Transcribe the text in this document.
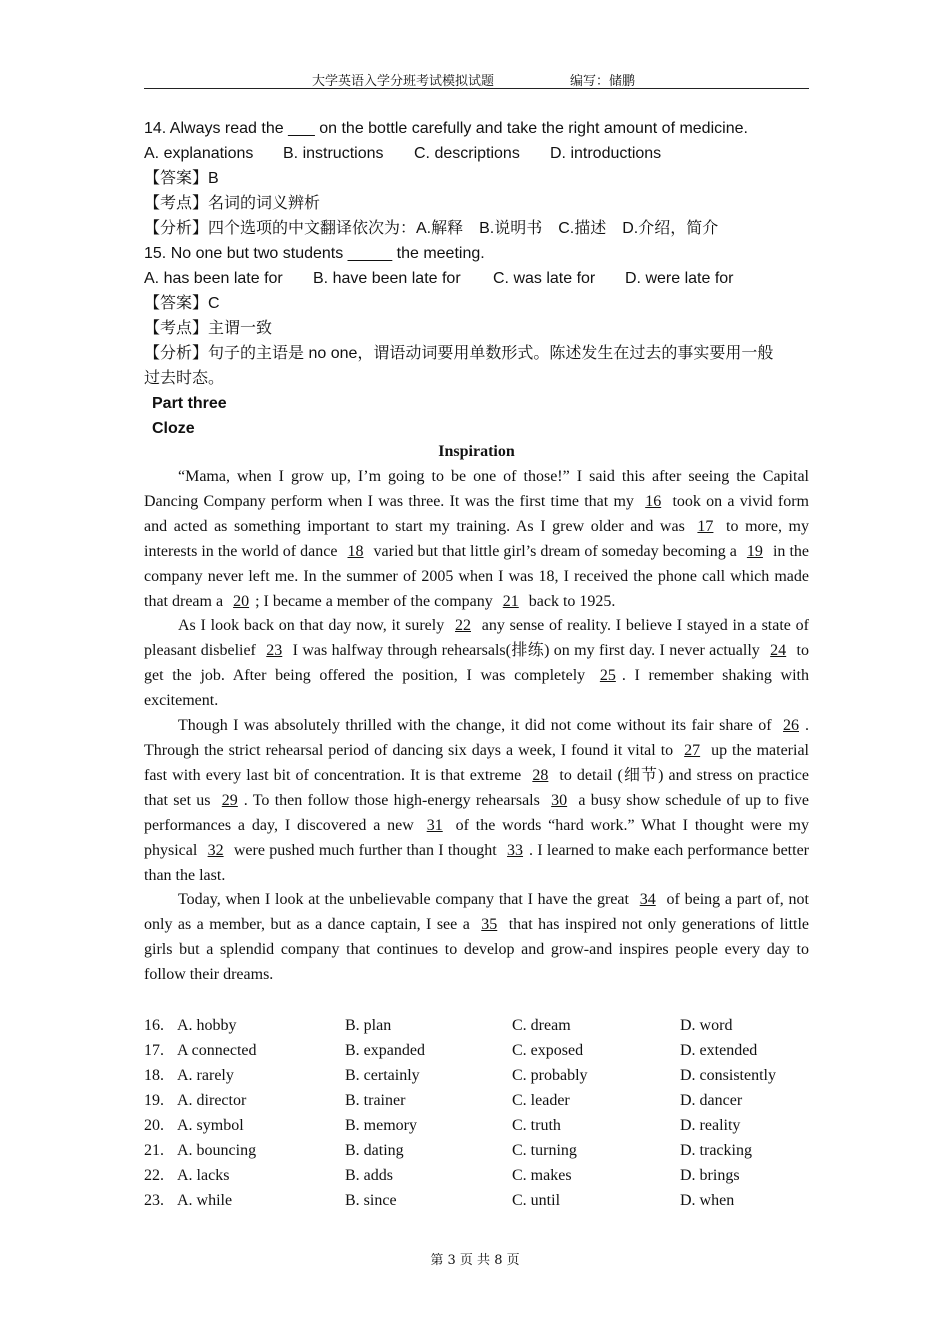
大学英语入学分班考试模拟试题	编写：储鹏
14. Always read the ___ on the bottle carefully and take the right amount of medicine.
A. explanations B. instructions C. descriptions D. introductions
【答案】B
【考点】名词的词义辨析
【分析】四个选项的中文翻译依次为：A.解释　B.说明书　C.描述　D.介绍，简介
15. No one but two students _____ the meeting.
A. has been late for B. have been late for C. was late for D. were late for
【答案】C
【考点】主谓一致
【分析】句子的主语是 no one，谓语动词要用单数形式。陈述发生在过去的事实要用一般
过去时态。
Part three
Cloze
Inspiration

“Mama, when I grow up, I’m going to be one of those!” I said this after seeing the Capital Dancing Company perform when I was three. It was the first time that my 16 took on a vivid form and acted as something important to start my training. As I grew older and was 17 to more, my interests in the world of dance 18 varied but that little girl’s dream of someday becoming a 19 in the company never left me. In the summer of 2005 when I was 18, I received the phone call which made that dream a 20 ; I became a member of the company 21 back to 1925.

As I look back on that day now, it surely 22 any sense of reality. I believe I stayed in a state of pleasant disbelief 23 I was halfway through rehearsals(排练) on my first day. I never actually 24 to get the job. After being offered the position, I was completely 25 . I remember shaking with excitement.

Though I was absolutely thrilled with the change, it did not come without its fair share of 26 . Through the strict rehearsal period of dancing six days a week, I found it vital to 27 up the material fast with every last bit of concentration. It is that extreme 28 to detail (细节) and stress on practice that set us 29 . To then follow those high-energy rehearsals 30 a busy show schedule of up to five performances a day, I discovered a new 31 of the words “hard work.” What I thought were my physical 32 were pushed much further than I thought 33 . I learned to make each performance better than the last.

Today, when I look at the unbelievable company that I have the great 34 of being a part of, not only as a member, but as a dance captain, I see a 35 that has inspired not only generations of little girls but a splendid company that continues to develop and grow-and inspires people every day to follow their dreams.

16. A. hobby	B. plan	C. dream	D. word
17. A connected	B. expanded	C. exposed	D. extended
18. A. rarely	B. certainly	C. probably	D. consistently
19. A. director	B. trainer	C. leader	D. dancer
20. A. symbol	B. memory	C. truth	D. reality
21. A. bouncing	B. dating	C. turning	D. tracking
22. A. lacks	B. adds	C. makes	D. brings
23. A. while	B. since	C. until	D. when
第 3 页 共 8 页
